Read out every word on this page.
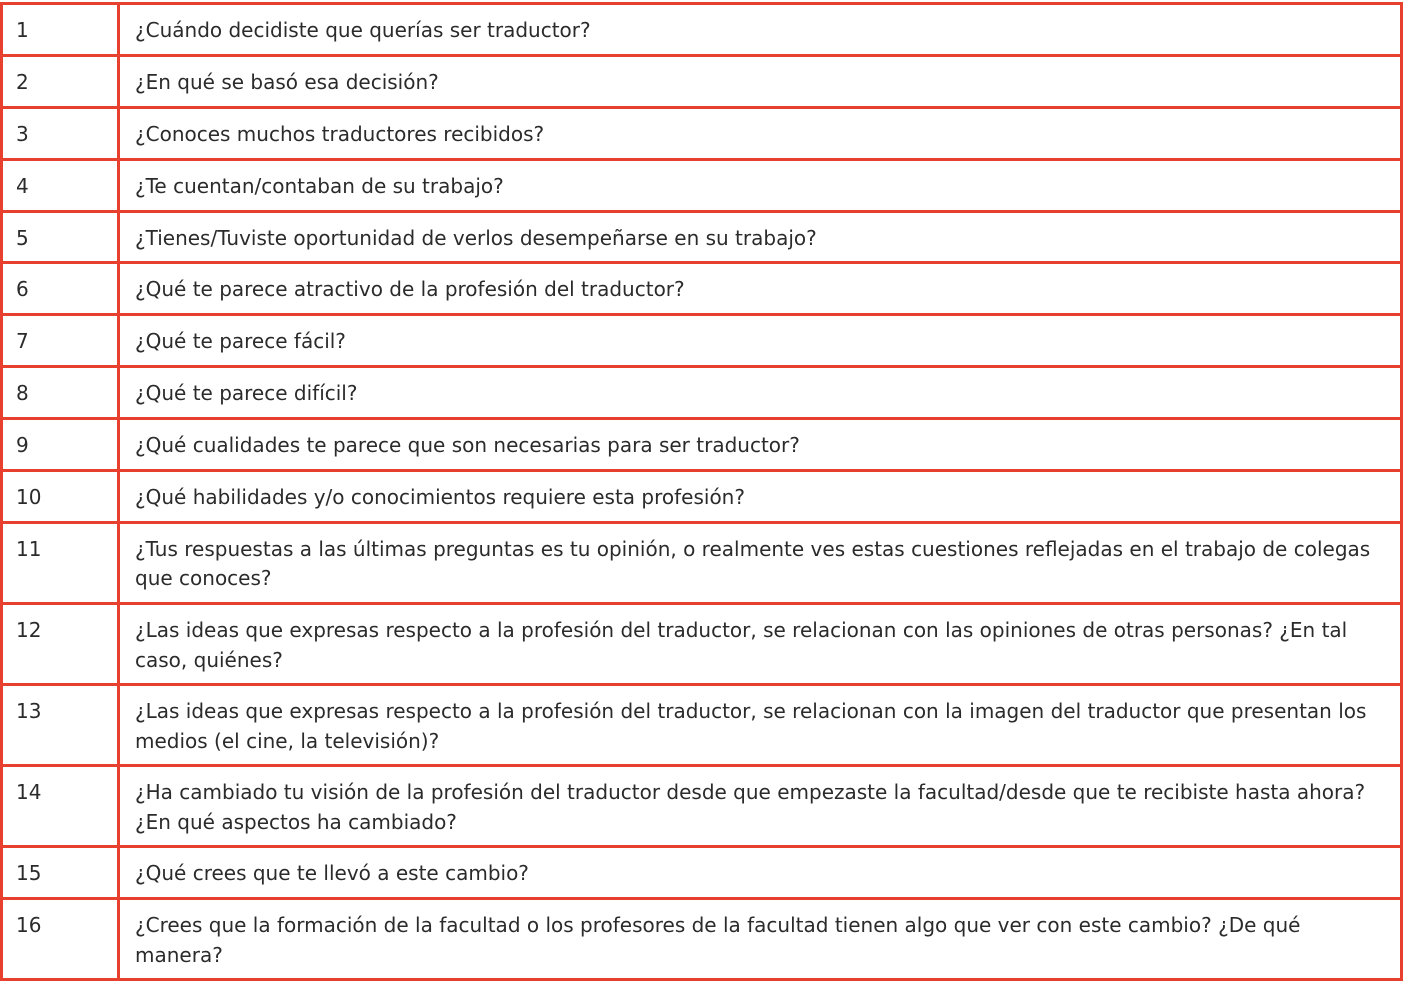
1	¿Cuándo decidiste que querías ser traductor?
2	¿En qué se basó esa decisión?
3	¿Conoces muchos traductores recibidos?
4	¿Te cuentan/contaban de su trabajo?
5	¿Tienes/Tuviste oportunidad de verlos desempeñarse en su trabajo?
6	¿Qué te parece atractivo de la profesión del traductor?
7	¿Qué te parece fácil?
8	¿Qué te parece difícil?
9	¿Qué cualidades te parece que son necesarias para ser traductor?
10	¿Qué habilidades y/o conocimientos requiere esta profesión?
11	¿Tus respuestas a las últimas preguntas es tu opinión, o realmente ves estas cuestiones reflejadas en el trabajo de colegas que conoces?
12	¿Las ideas que expresas respecto a la profesión del traductor, se relacionan con las opiniones de otras personas? ¿En tal caso, quiénes?
13	¿Las ideas que expresas respecto a la profesión del traductor, se relacionan con la imagen del traductor que presentan los medios (el cine, la televisión)?
14	¿Ha cambiado tu visión de la profesión del traductor desde que empezaste la facultad/desde que te recibiste hasta ahora? ¿En qué aspectos ha cambiado?
15	¿Qué crees que te llevó a este cambio?
16	¿Crees que la formación de la facultad o los profesores de la facultad tienen algo que ver con este cambio? ¿De qué manera?
